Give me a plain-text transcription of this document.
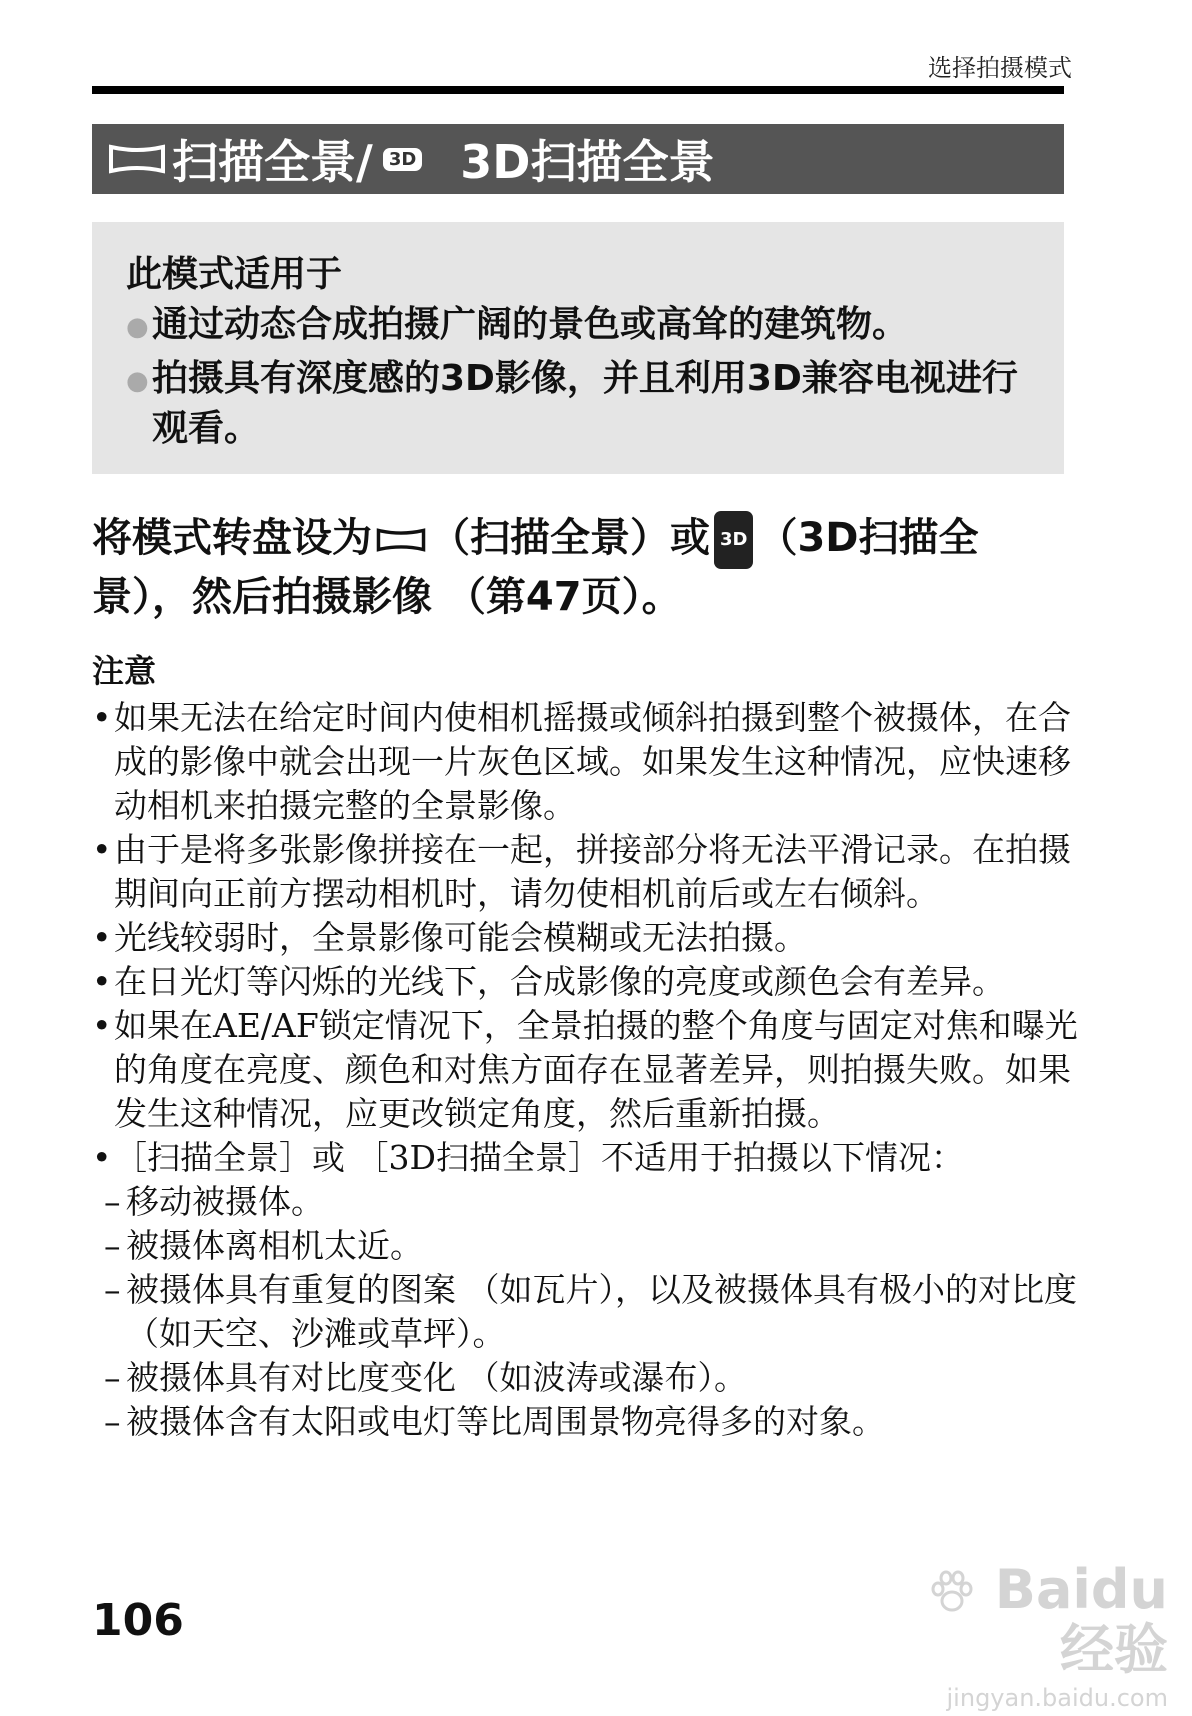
选择拍摄模式
扫描全景/ 3D 3D扫描全景
此模式适用于
● 通过动态合成拍摄广阔的景色或高耸的建筑物。
● 拍摄具有深度感的3D影像，并且利用3D兼容电视进行观看。
将模式转盘设为 （扫描全景）或 3D （3D扫描全景），然后拍摄影像 （第47页）。
注意
• 如果无法在给定时间内使相机摇摄或倾斜拍摄到整个被摄体，在合成的影像中就会出现一片灰色区域。如果发生这种情况，应快速移动相机来拍摄完整的全景影像。
• 由于是将多张影像拼接在一起，拼接部分将无法平滑记录。在拍摄期间向正前方摆动相机时，请勿使相机前后或左右倾斜。
• 光线较弱时，全景影像可能会模糊或无法拍摄。
• 在日光灯等闪烁的光线下，合成影像的亮度或颜色会有差异。
• 如果在AE/AF锁定情况下，全景拍摄的整个角度与固定对焦和曝光的角度在亮度、颜色和对焦方面存在显著差异，则拍摄失败。如果发生这种情况，应更改锁定角度，然后重新拍摄。
• ［扫描全景］或 ［3D扫描全景］不适用于拍摄以下情况：
– 移动被摄体。
– 被摄体离相机太近。
– 被摄体具有重复的图案 （如瓦片），以及被摄体具有极小的对比度 （如天空、沙滩或草坪）。
– 被摄体具有对比度变化 （如波涛或瀑布）。
– 被摄体含有太阳或电灯等比周围景物亮得多的对象。
106	Baidu 经验
jingyan.baidu.com
